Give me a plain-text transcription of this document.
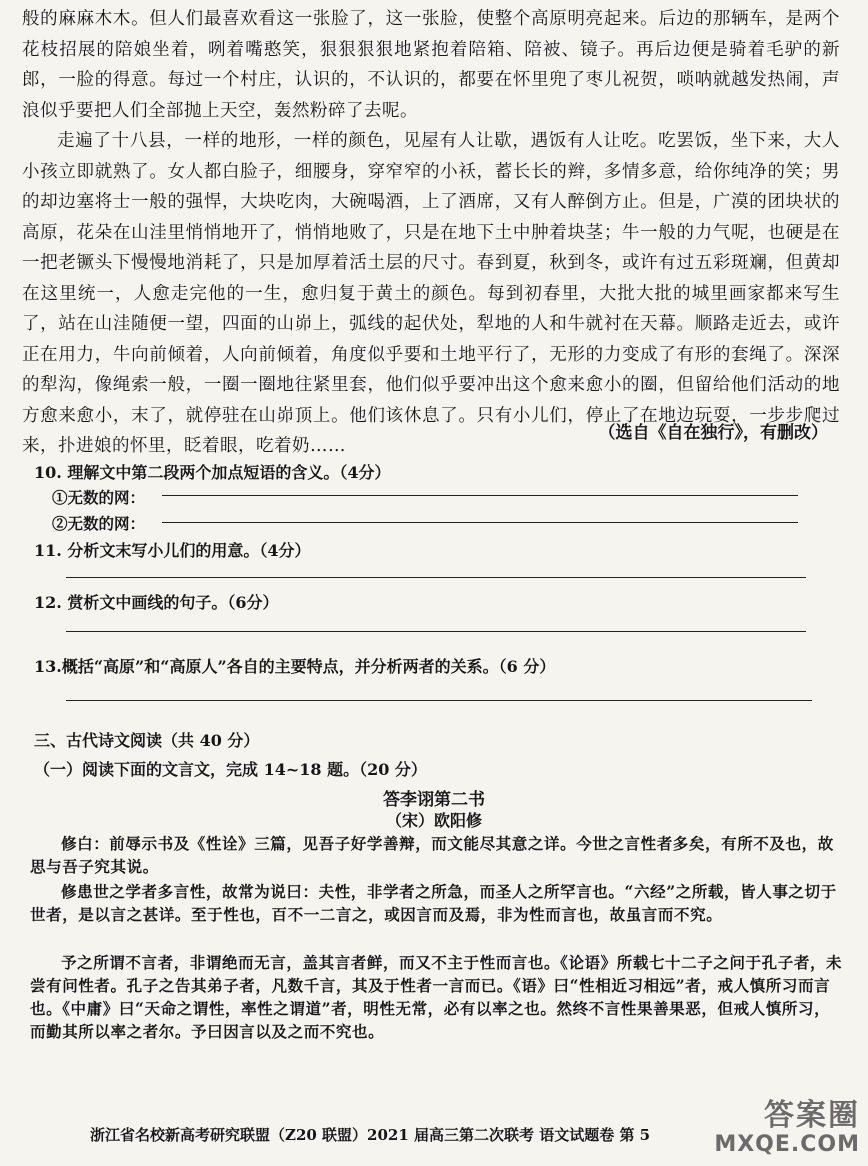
般的麻麻木木。但人们最喜欢看这一张脸了，这一张脸，使整个高原明亮起来。后边的那辆车，是两个花枝招展的陪娘坐着，咧着嘴憨笑，狠狠狠狠地紧抱着陪箱、陪被、镜子。再后边便是骑着毛驴的新郎，一脸的得意。每过一个村庄，认识的，不认识的，都要在怀里兜了枣儿祝贺，唢呐就越发热闹，声浪似乎要把人们全部抛上天空，轰然粉碎了去呢。

走遍了十八县，一样的地形，一样的颜色，见屋有人让歇，遇饭有人让吃。吃罢饭，坐下来，大人小孩立即就熟了。女人都白脸子，细腰身，穿窄窄的小袄，蓄长长的辫，多情多意，给你纯净的笑；男的却边塞将士一般的强悍，大块吃肉，大碗喝酒，上了酒席，又有人醉倒方止。但是，广漠的团块状的高原，花朵在山洼里悄悄地开了，悄悄地败了，只是在地下土中肿着块茎；牛一般的力气呢，也硬是在一把老镢头下慢慢地消耗了，只是加厚着活土层的尺寸。春到夏，秋到冬，或许有过五彩斑斓，但黄却在这里统一，人愈走完他的一生，愈归复于黄土的颜色。每到初春里，大批大批的城里画家都来写生了，站在山洼随便一望，四面的山峁上，弧线的起伏处，犁地的人和牛就衬在天幕。顺路走近去，或许正在用力，牛向前倾着，人向前倾着，角度似乎要和土地平行了，无形的力变成了有形的套绳了。深深的犁沟，像绳索一般，一圈一圈地往紧里套，他们似乎要冲出这个愈来愈小的圈，但留给他们活动的地方愈来愈小，末了，就停驻在山峁顶上。他们该休息了。只有小儿们，停止了在地边玩耍，一步步爬过来，扑进娘的怀里，眨着眼，吃着奶……

（选自《自在独行》，有删改）

10. 理解文中第二段两个加点短语的含义。（4分）

①无数的网：

②无数的网：

11. 分析文末写小儿们的用意。（4分）

12. 赏析文中画线的句子。（6分）

13.概括“高原”和“高原人”各自的主要特点，并分析两者的关系。（6 分）

三、古代诗文阅读（共 40 分）

（一）阅读下面的文言文，完成 14~18 题。（20 分）

答李诩第二书

（宋）欧阳修

修白：前辱示书及《性诠》三篇，见吾子好学善辩，而文能尽其意之详。今世之言性者多矣，有所不及也，故思与吾子究其说。

修患世之学者多言性，故常为说曰：夫性，非学者之所急，而圣人之所罕言也。“六经”之所载，皆人事之切于世者，是以言之甚详。至于性也，百不一二言之，或因言而及焉，非为性而言也，故虽言而不究。

予之所谓不言者，非谓绝而无言，盖其言者鲜，而又不主于性而言也。《论语》所载七十二子之问于孔子者，未尝有问性者。孔子之告其弟子者，凡数千言，其及于性者一言而已。《语》曰“性相近习相远”者，戒人慎所习而言也。《中庸》曰“天命之谓性，率性之谓道”者，明性无常，必有以率之也。然终不言性果善果恶，但戒人慎所习，而勤其所以率之者尔。予曰因言以及之而不究也。

浙江省名校新高考研究联盟（Z20 联盟）2021 届高三第二次联考 语文试题卷 第 5

答案圈
MXQE.COM
